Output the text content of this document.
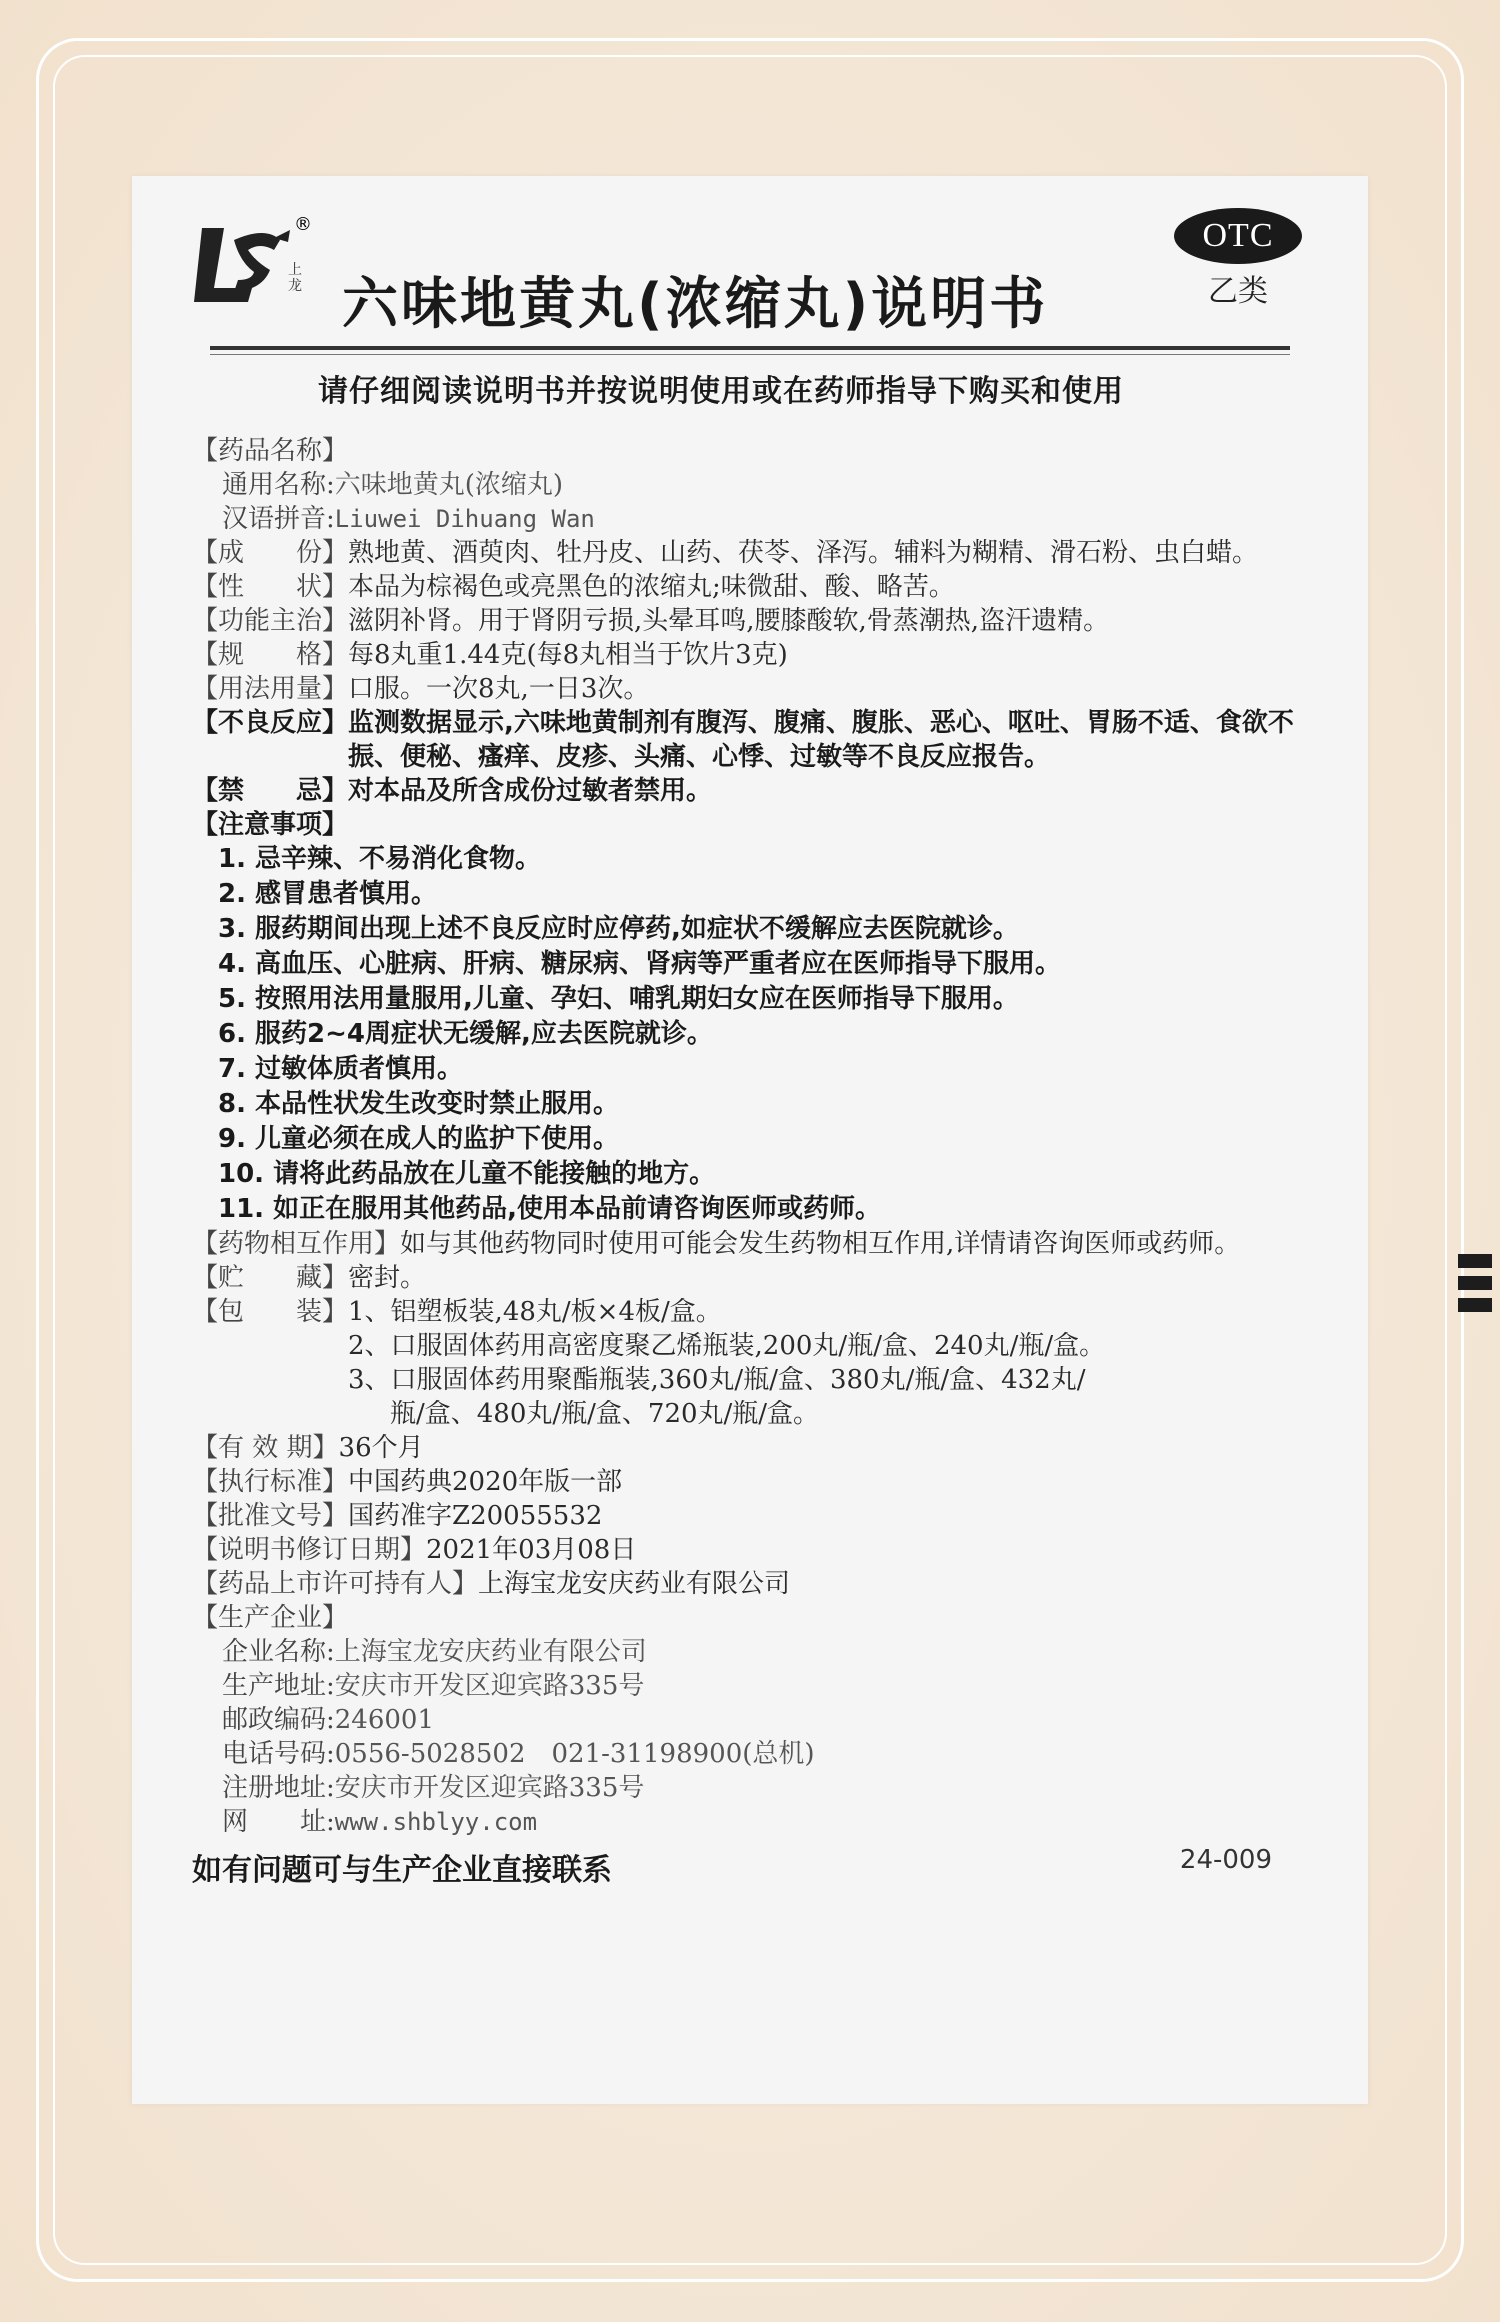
®
上龙
OTC
乙类
六味地黄丸(浓缩丸)说明书
请仔细阅读说明书并按说明使用或在药师指导下购买和使用
【药品名称】
通用名称: 六味地黄丸(浓缩丸)
汉语拼音: Liuwei Dihuang Wan
【成　　份】 熟地黄、酒萸肉、牡丹皮、山药、茯苓、泽泻。辅料为糊精、滑石粉、虫白蜡。
【性　　状】 本品为棕褐色或亮黑色的浓缩丸;味微甜、酸、略苦。
【功能主治】 滋阴补肾。用于肾阴亏损,头晕耳鸣,腰膝酸软,骨蒸潮热,盗汗遗精。
【规　　格】 每8丸重1.44克(每8丸相当于饮片3克)
【用法用量】 口服。一次8丸,一日3次。
【不良反应】 监测数据显示,六味地黄制剂有腹泻、腹痛、腹胀、恶心、呕吐、胃肠不适、食欲不振、便秘、瘙痒、皮疹、头痛、心悸、过敏等不良反应报告。
【禁　　忌】 对本品及所含成份过敏者禁用。
【注意事项】
1. 忌辛辣、不易消化食物。
2. 感冒患者慎用。
3. 服药期间出现上述不良反应时应停药,如症状不缓解应去医院就诊。
4. 高血压、心脏病、肝病、糖尿病、肾病等严重者应在医师指导下服用。
5. 按照用法用量服用,儿童、孕妇、哺乳期妇女应在医师指导下服用。
6. 服药2~4周症状无缓解,应去医院就诊。
7. 过敏体质者慎用。
8. 本品性状发生改变时禁止服用。
9. 儿童必须在成人的监护下使用。
10. 请将此药品放在儿童不能接触的地方。
11. 如正在服用其他药品,使用本品前请咨询医师或药师。
【药物相互作用】 如与其他药物同时使用可能会发生药物相互作用,详情请咨询医师或药师。
【贮　　藏】 密封。
【包　　装】 1、铝塑板装,48丸/板×4板/盒。
2、口服固体药用高密度聚乙烯瓶装,200丸/瓶/盒、240丸/瓶/盒。
3、口服固体药用聚酯瓶装,360丸/瓶/盒、380丸/瓶/盒、432丸/
瓶/盒、480丸/瓶/盒、720丸/瓶/盒。
【有 效 期】 36个月
【执行标准】 中国药典2020年版一部
【批准文号】 国药准字Z20055532
【说明书修订日期】 2021年03月08日
【药品上市许可持有人】 上海宝龙安庆药业有限公司
【生产企业】
企业名称: 上海宝龙安庆药业有限公司
生产地址: 安庆市开发区迎宾路335号
邮政编码: 246001
电话号码: 0556-5028502　021-31198900(总机)
注册地址: 安庆市开发区迎宾路335号
网　　址: www.shblyy.com
如有问题可与生产企业直接联系	24-009
